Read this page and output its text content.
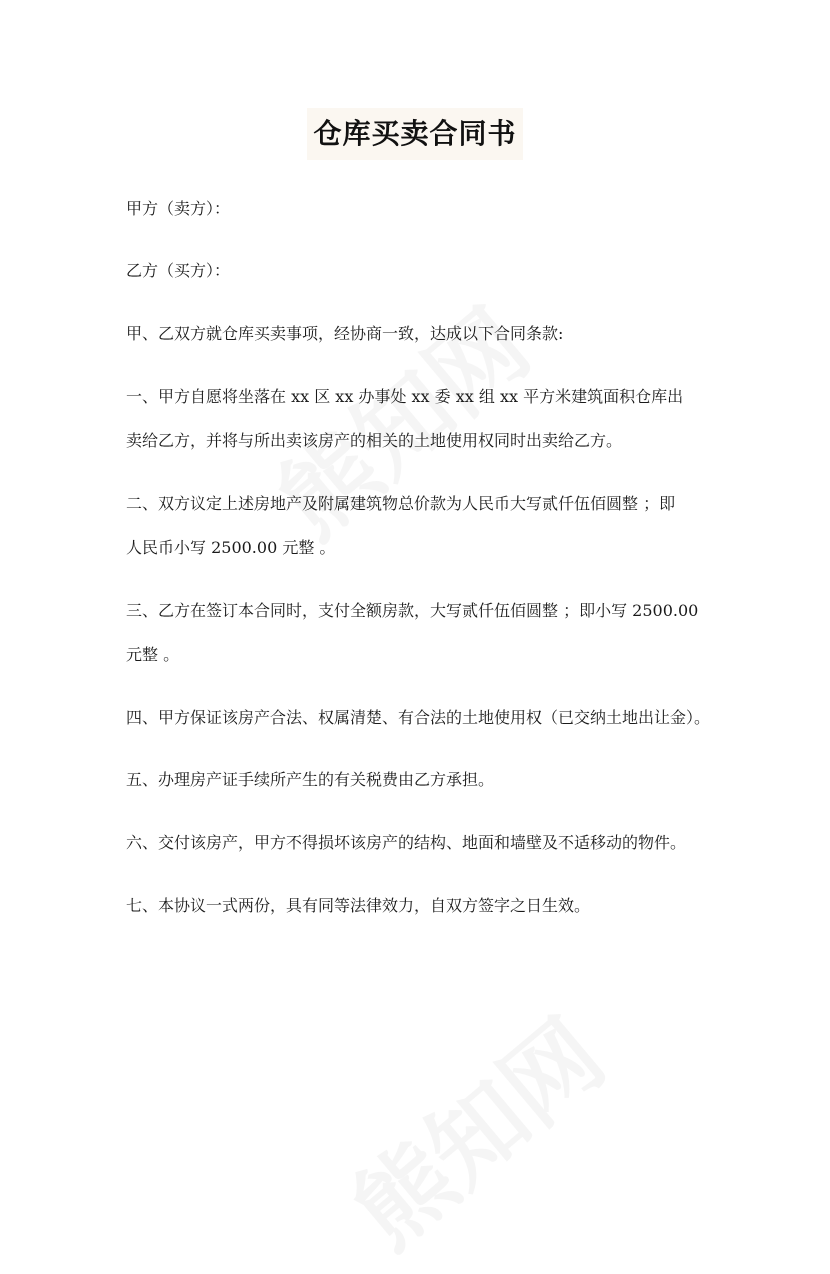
仓库买卖合同书
甲方（卖方）：
乙方（买方）：
甲、乙双方就仓库买卖事项，经协商一致，达成以下合同条款:
一、甲方自愿将坐落在 xx 区 xx 办事处 xx 委 xx 组 xx 平方米建筑面积仓库出
卖给乙方，并将与所出卖该房产的相关的土地使用权同时出卖给乙方。
二、双方议定上述房地产及附属建筑物总价款为人民币大写贰仟伍佰圆整 ；即
人民币小写 2500.00 元整 。
三、乙方在签订本合同时，支付全额房款，大写贰仟伍佰圆整 ；即小写 2500.00
元整 。
四、甲方保证该房产合法、权属清楚、有合法的土地使用权（已交纳土地出让金）。
五、办理房产证手续所产生的有关税费由乙方承担。
六、交付该房产，甲方不得损坏该房产的结构、地面和墙壁及不适移动的物件。
七、本协议一式两份，具有同等法律效力，自双方签字之日生效。
